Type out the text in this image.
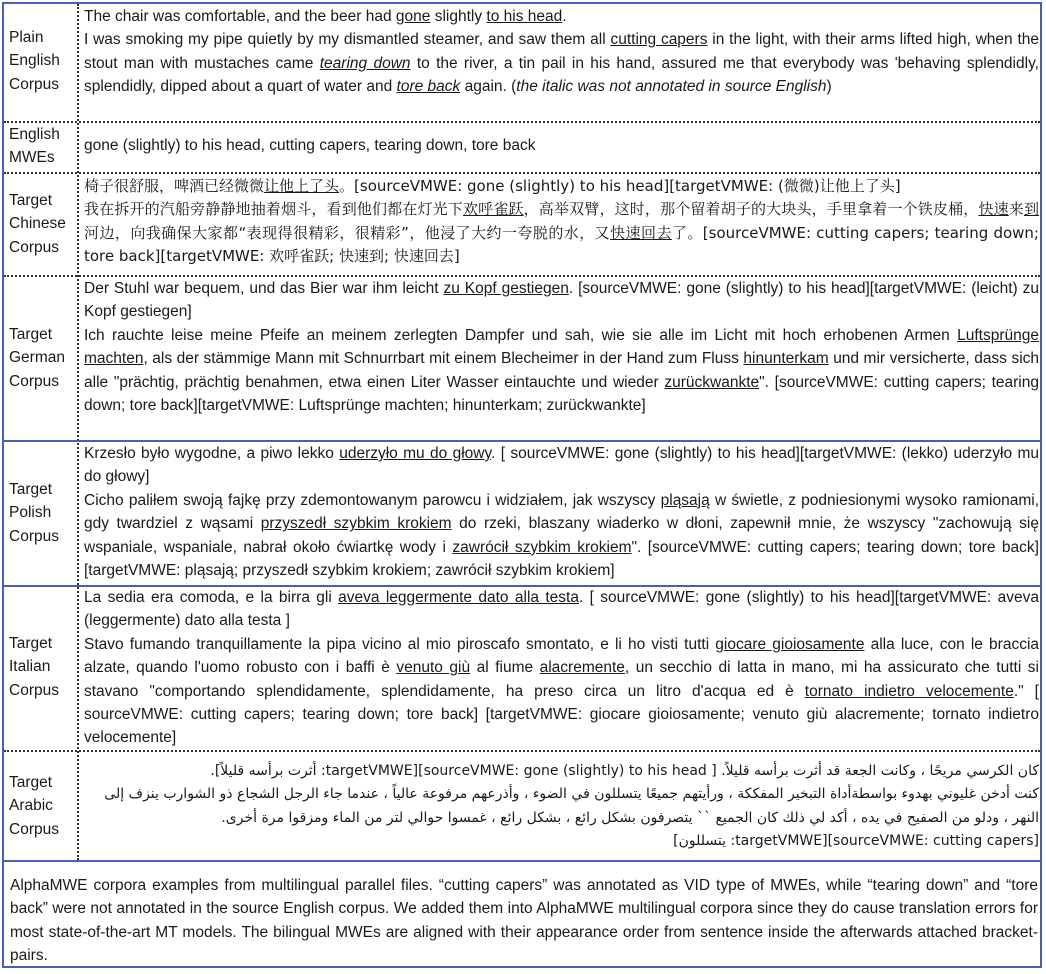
Plain English Corpus

The chair was comfortable, and the beer had gone slightly to his head.

I was smoking my pipe quietly by my dismantled steamer, and saw them all cutting capers in the light, with their arms lifted high, when the stout man with mustaches came tearing down to the river, a tin pail in his hand, assured me that everybody was 'behaving splendidly, splendidly, dipped about a quart of water and tore back again. (the italic was not annotated in source English)

English MWEs

gone (slightly) to his head, cutting capers, tearing down, tore back

Target Chinese Corpus

椅子很舒服，啤酒已经微微让他上了头。[sourceVMWE: gone (slightly) to his head][targetVMWE: (微微)让他上了头]

我在拆开的汽船旁静静地抽着烟斗，看到他们都在灯光下欢呼雀跃，高举双臂，这时，那个留着胡子的大块头，手里拿着一个铁皮桶，快速来到河边，向我确保大家都“表现得很精彩，很精彩”，他浸了大约一夸脱的水，又快速回去了。[sourceVMWE: cutting capers; tearing down; tore back][targetVMWE: 欢呼雀跃; 快速到; 快速回去]

Target German Corpus

Der Stuhl war bequem, und das Bier war ihm leicht zu Kopf gestiegen. [sourceVMWE: gone (slightly) to his head][targetVMWE: (leicht) zu Kopf gestiegen]

Ich rauchte leise meine Pfeife an meinem zerlegten Dampfer und sah, wie sie alle im Licht mit hoch erhobenen Armen Luftsprünge machten, als der stämmige Mann mit Schnurrbart mit einem Blecheimer in der Hand zum Fluss hinunterkam und mir versicherte, dass sich alle "prächtig, prächtig benahmen, etwa einen Liter Wasser eintauchte und wieder zurückwankte". [sourceVMWE: cutting capers; tearing down; tore back][targetVMWE: Luftsprünge machten; hinunterkam; zurückwankte]

Target Polish Corpus

Krzesło było wygodne, a piwo lekko uderzyło mu do głowy. [ sourceVMWE: gone (slightly) to his head][targetVMWE: (lekko) uderzyło mu do głowy]

Cicho paliłem swoją fajkę przy zdemontowanym parowcu i widziałem, jak wszyscy pląsają w świetle, z podniesionymi wysoko ramionami, gdy twardziel z wąsami przyszedł szybkim krokiem do rzeki, blaszany wiaderko w dłoni, zapewnił mnie, że wszyscy "zachowują się wspaniale, wspaniale, nabrał około ćwiartkę wody i zawrócił szybkim krokiem". [sourceVMWE: cutting capers; tearing down; tore back][targetVMWE: pląsają; przyszedł szybkim krokiem; zawrócił szybkim krokiem]

Target Italian Corpus

La sedia era comoda, e la birra gli aveva leggermente dato alla testa. [ sourceVMWE: gone (slightly) to his head][targetVMWE: aveva (leggermente) dato alla testa ]

Stavo fumando tranquillamente la pipa vicino al mio piroscafo smontato, e li ho visti tutti giocare gioiosamente alla luce, con le braccia alzate, quando l'uomo robusto con i baffi è venuto giù al fiume alacremente, un secchio di latta in mano, mi ha assicurato che tutti si stavano "comportando splendidamente, splendidamente, ha preso circa un litro d'acqua ed è tornato indietro velocemente." [ sourceVMWE: cutting capers; tearing down; tore back] [targetVMWE: giocare gioiosamente; venuto giù alacremente; tornato indietro velocemente]

Target Arabic Corpus

كان الكرسي مريحًا ، وكانت الجعة قد أثرت برأسه قليلاً. [ sourceVMWE: gone (slightly) to his head][targetVMWE: أثرت برأسه قليلاً].

كنت أدخن غليوني بهدوء بواسطةأداة التبخير المفككة ، ورأيتهم جميعًا يتسللون في الضوء ، وأذرعهم مرفوعة عالياً ، عندما جاء الرجل الشجاع ذو الشوارب ينزف إلى النهر ، ودلو من الصفيح في يده ، أكد لي ذلك كان الجميع `` يتصرفون بشكل رائع ، بشكل رائع ، غمسوا حوالي لتر من الماء ومزقوا مرة أخرى.

[sourceVMWE: cutting capers][targetVMWE: يتسللون]

AlphaMWE corpora examples from multilingual parallel files. “cutting capers” was annotated as VID type of MWEs, while “tearing down” and “tore back” were not annotated in the source English corpus. We added them into AlphaMWE multilingual corpora since they do cause translation errors for most state-of-the-art MT models. The bilingual MWEs are aligned with their appearance order from sentence inside the afterwards attached bracket-pairs.
